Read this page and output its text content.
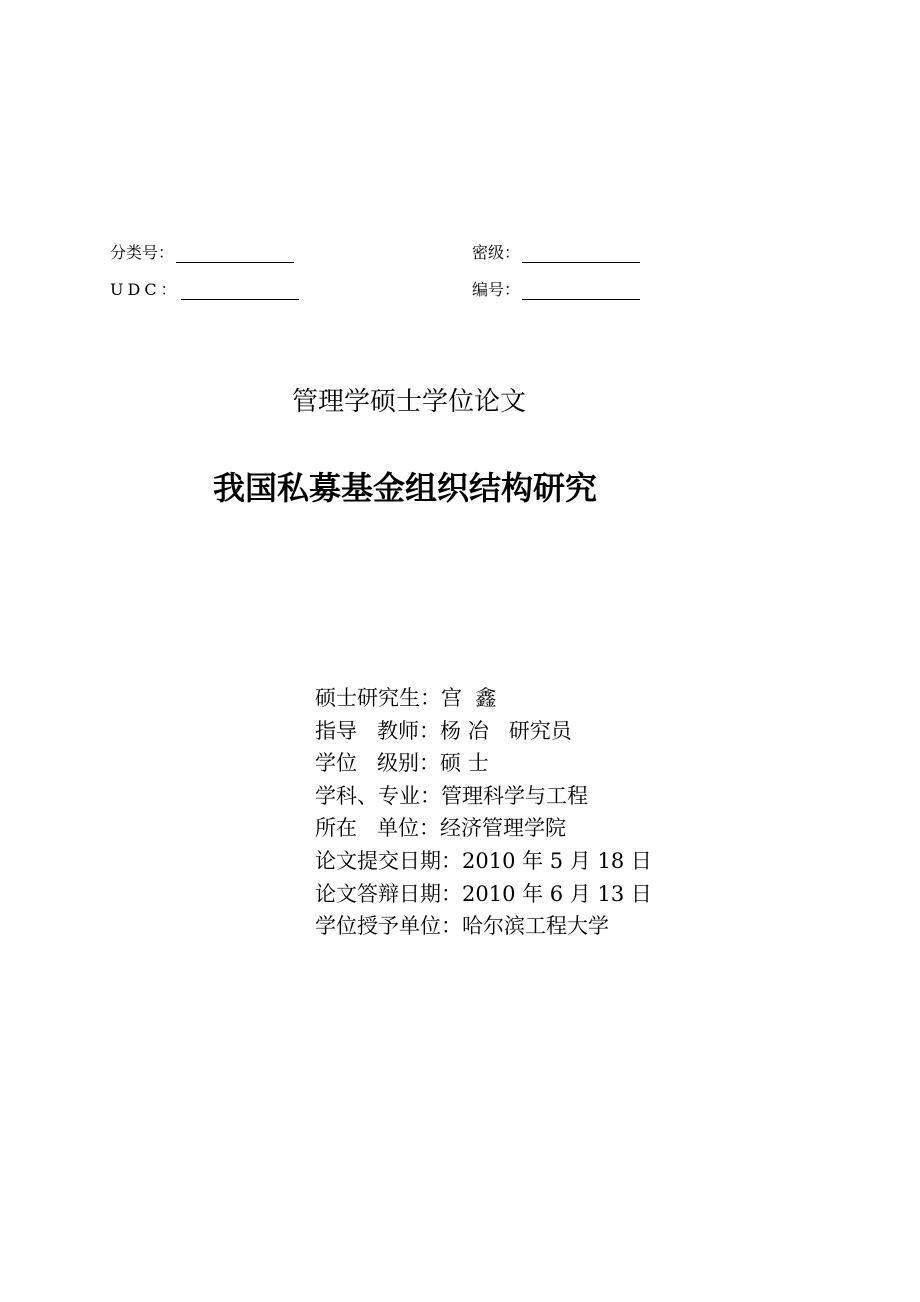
分类号：
UDC：
密级：
编号：
管理学硕士学位论文
我国私募基金组织结构研究
硕士研究生：宫  鑫
指导   教师：杨 冶   研究员
学位   级别：硕 士
学科、专业：管理科学与工程
所在   单位：经济管理学院
论文提交日期：2010 年 5 月 18 日
论文答辩日期：2010 年 6 月 13 日
学位授予单位：哈尔滨工程大学
